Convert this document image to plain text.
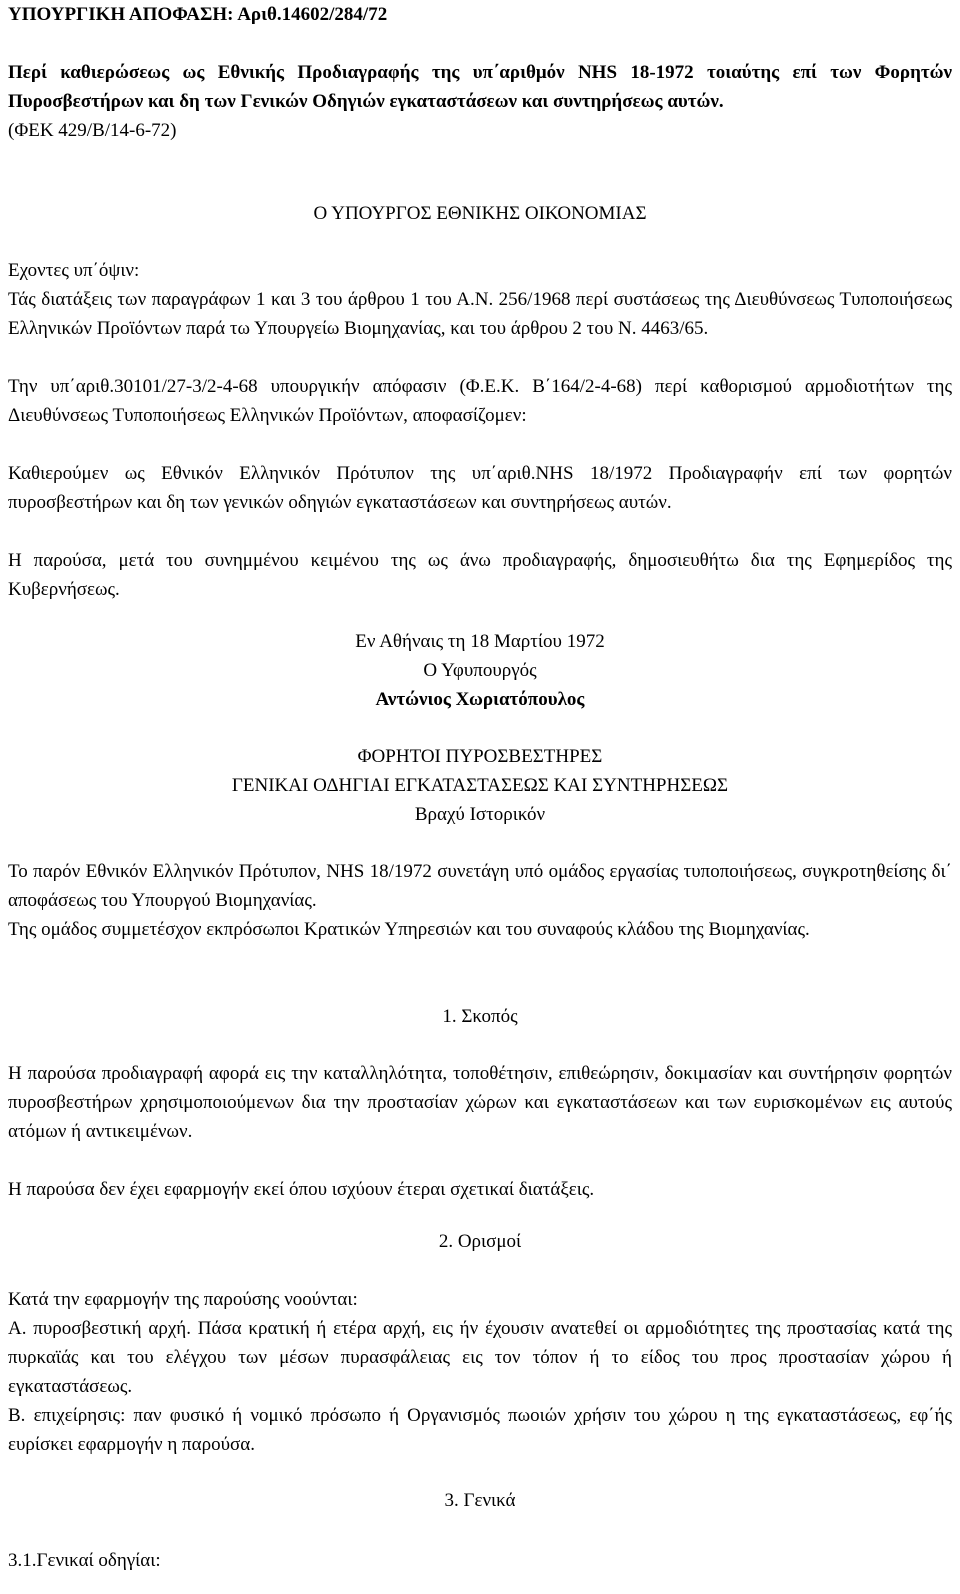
ΥΠΟΥΡΓΙΚΗ ΑΠΟΦΑΣΗ: Αριθ.14602/284/72
Περί καθιερώσεως ως Εθνικής Προδιαγραφής της υπ΄αριθμόν NHS 18-1972 τοιαύτης επί των Φορητών Πυροσβεστήρων και δη των Γενικών Οδηγιών εγκαταστάσεων και συντηρήσεως αυτών.
(ΦΕΚ 429/Β/14-6-72)
Ο ΥΠΟΥΡΓΟΣ ΕΘΝΙΚΗΣ ΟΙΚΟΝΟΜΙΑΣ
Εχοντες υπ΄όψιν:
Τάς διατάξεις των παραγράφων 1 και 3 του άρθρου 1 του Α.Ν. 256/1968 περί συστάσεως της Διευθύνσεως Τυποποιήσεως Ελληνικών Προϊόντων παρά τω Υπουργείω Βιομηχανίας, και του άρθρου 2 του Ν. 4463/65.
Την υπ΄αριθ.30101/27-3/2-4-68 υπουργικήν απόφασιν (Φ.Ε.Κ. Β΄164/2-4-68) περί καθορισμού αρμοδιοτήτων της Διευθύνσεως Τυποποιήσεως Ελληνικών Προϊόντων, αποφασίζομεν:
Καθιερούμεν ως Εθνικόν Ελληνικόν Πρότυπον της υπ΄αριθ.NHS 18/1972 Προδιαγραφήν επί των φορητών πυροσβεστήρων και δη των γενικών οδηγιών εγκαταστάσεων και συντηρήσεως αυτών.
Η παρούσα, μετά του συνημμένου κειμένου της ως άνω προδιαγραφής, δημοσιευθήτω δια της Εφημερίδος της Κυβερνήσεως.
Εν Αθήναις τη 18 Μαρτίου 1972
Ο Υφυπουργός
Αντώνιος Χωριατόπουλος
ΦΟΡΗΤΟΙ ΠΥΡΟΣΒΕΣΤΗΡΕΣ
ΓΕΝΙΚΑΙ ΟΔΗΓΙΑΙ ΕΓΚΑΤΑΣΤΑΣΕΩΣ ΚΑΙ ΣΥΝΤΗΡΗΣΕΩΣ
Βραχύ Ιστορικόν
Το παρόν Εθνικόν Ελληνικόν Πρότυπον, NHS 18/1972 συνετάγη υπό ομάδος εργασίας τυποποιήσεως, συγκροτηθείσης δι΄ αποφάσεως του Υπουργού Βιομηχανίας.
Της ομάδος συμμετέσχον εκπρόσωποι Κρατικών Υπηρεσιών και του συναφούς κλάδου της Βιομηχανίας.
1. Σκοπός
Η παρούσα προδιαγραφή αφορά εις την καταλληλότητα, τοποθέτησιν, επιθεώρησιν, δοκιμασίαν και συντήρησιν φορητών πυροσβεστήρων χρησιμοποιούμενων δια την προστασίαν χώρων και εγκαταστάσεων και των ευρισκομένων εις αυτούς ατόμων ή αντικειμένων.
Η παρούσα δεν έχει εφαρμογήν εκεί όπου ισχύουν έτεραι σχετικαί διατάξεις.
2. Ορισμοί
Κατά την εφαρμογήν της παρούσης νοούνται:
Α. πυροσβεστική αρχή. Πάσα κρατική ή ετέρα αρχή, εις ήν έχουσιν ανατεθεί οι αρμοδιότητες της προστασίας κατά της πυρκαϊάς και του ελέγχου των μέσων πυρασφάλειας εις τον τόπον ή το είδος του προς προστασίαν χώρου ή εγκαταστάσεως.
Β. επιχείρησις: παν φυσικό ή νομικό πρόσωπο ή Οργανισμός πωοιών χρήσιν του χώρου η της εγκαταστάσεως, εφ΄ής ευρίσκει εφαρμογήν η παρούσα.
3. Γενικά
3.1.Γενικαί οδηγίαι:
